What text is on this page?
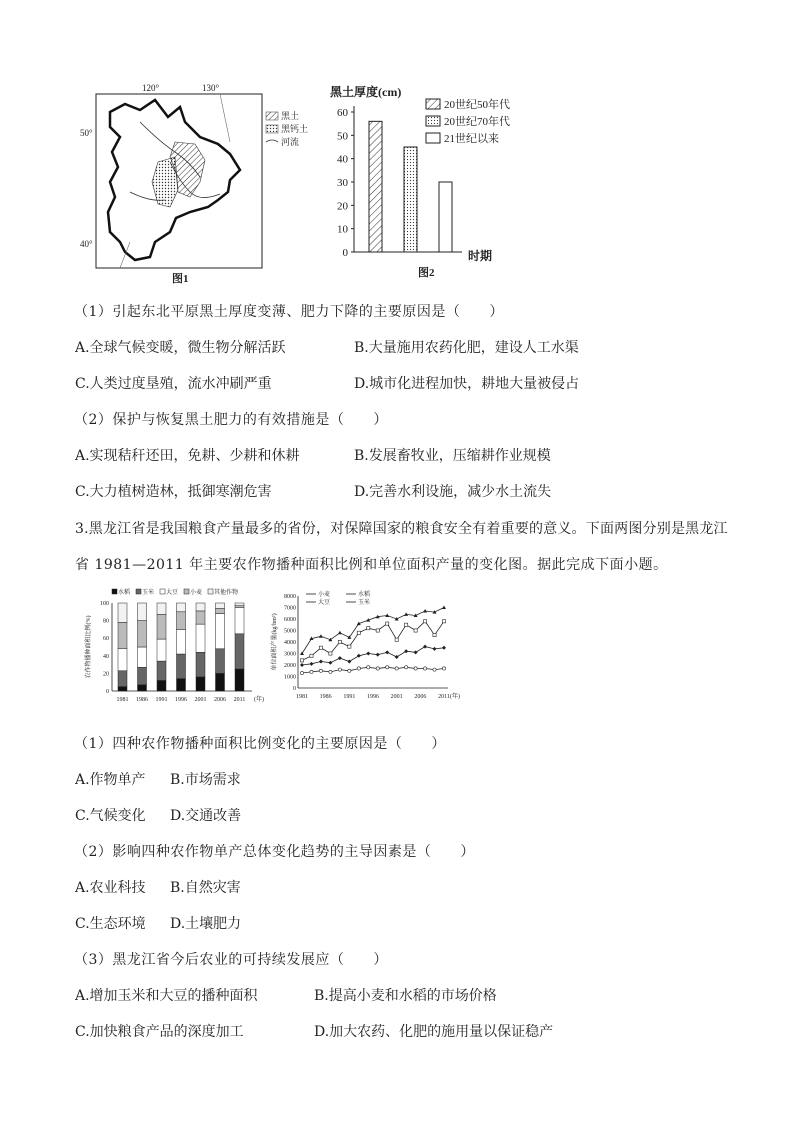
120°	130°
50°
40°
黑土
黑钙土
河流
图1
黑土厚度(cm)
时期
图2
0
10
20
30
40
50
60
20世纪50年代
20世纪70年代
21世纪以来
（1）引起东北平原黑土厚度变薄、肥力下降的主要原因是（　　）
A.全球气候变暖，微生物分解活跃	B.大量施用农药化肥，建设人工水渠
C.人类过度垦殖，流水冲刷严重	D.城市化进程加快，耕地大量被侵占
（2）保护与恢复黑土肥力的有效措施是（　　）
A.实现秸秆还田，免耕、少耕和休耕	B.发展畜牧业，压缩耕作业规模
C.大力植树造林，抵御寒潮危害	D.完善水利设施，减少水土流失
3.黑龙江省是我国粮食产量最多的省份，对保障国家的粮食安全有着重要的意义。下面两图分别是黑龙江
省 1981—2011 年主要农作物播种面积比例和单位面积产量的变化图。据此完成下面小题。
水稻 玉米 大豆 小麦 其他作物
0
20
40
60
80
100
农作物播种面积比例(%)
1981 1986 1991 1996 2001 2006 2011 (年)
0
1000
2000
3000
4000
5000
6000
7000
8000
1981 1986 1991 1996 2001 2006 2011 (年)
单位面积产量(kg/hm²)
小麦	水稻
大豆	玉米
（1）四种农作物播种面积比例变化的主要原因是（　　）
A.作物单产 B.市场需求
C.气候变化 D.交通改善
（2）影响四种农作物单产总体变化趋势的主导因素是（　　）
A.农业科技 B.自然灾害
C.生态环境 D.土壤肥力
（3）黑龙江省今后农业的可持续发展应（　　）
A.增加玉米和大豆的播种面积	B.提高小麦和水稻的市场价格
C.加快粮食产品的深度加工	D.加大农药、化肥的施用量以保证稳产
